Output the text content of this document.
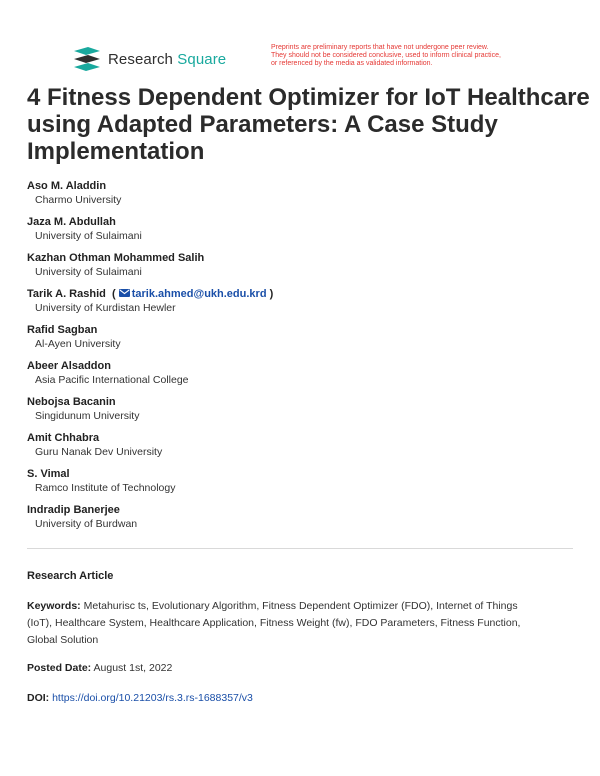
Research Square
Preprints are preliminary reports that have not undergone peer review.
They should not be considered conclusive, used to inform clinical practice,
or referenced by the media as validated information.
4 Fitness Dependent Optimizer for IoT Healthcare
using Adapted Parameters: A Case Study
Implementation
Aso M. Aladdin
Charmo University
Jaza M. Abdullah
University of Sulaimani
Kazhan Othman Mohammed Salih
University of Sulaimani
Tarik A. Rashid ( tarik.ahmed@ukh.edu.krd )
University of Kurdistan Hewler
Rafid Sagban
Al-Ayen University
Abeer Alsaddon
Asia Pacific International College
Nebojsa Bacanin
Singidunum University
Amit Chhabra
Guru Nanak Dev University
S. Vimal
Ramco Institute of Technology
Indradip Banerjee
University of Burdwan
Research Article
Keywords: Metahurisc ts, Evolutionary Algorithm, Fitness Dependent Optimizer (FDO), Internet of Things
(IoT), Healthcare System, Healthcare Application, Fitness Weight (fw), FDO Parameters, Fitness Function,
Global Solution
Posted Date: August 1st, 2022
DOI: https://doi.org/10.21203/rs.3.rs-1688357/v3
